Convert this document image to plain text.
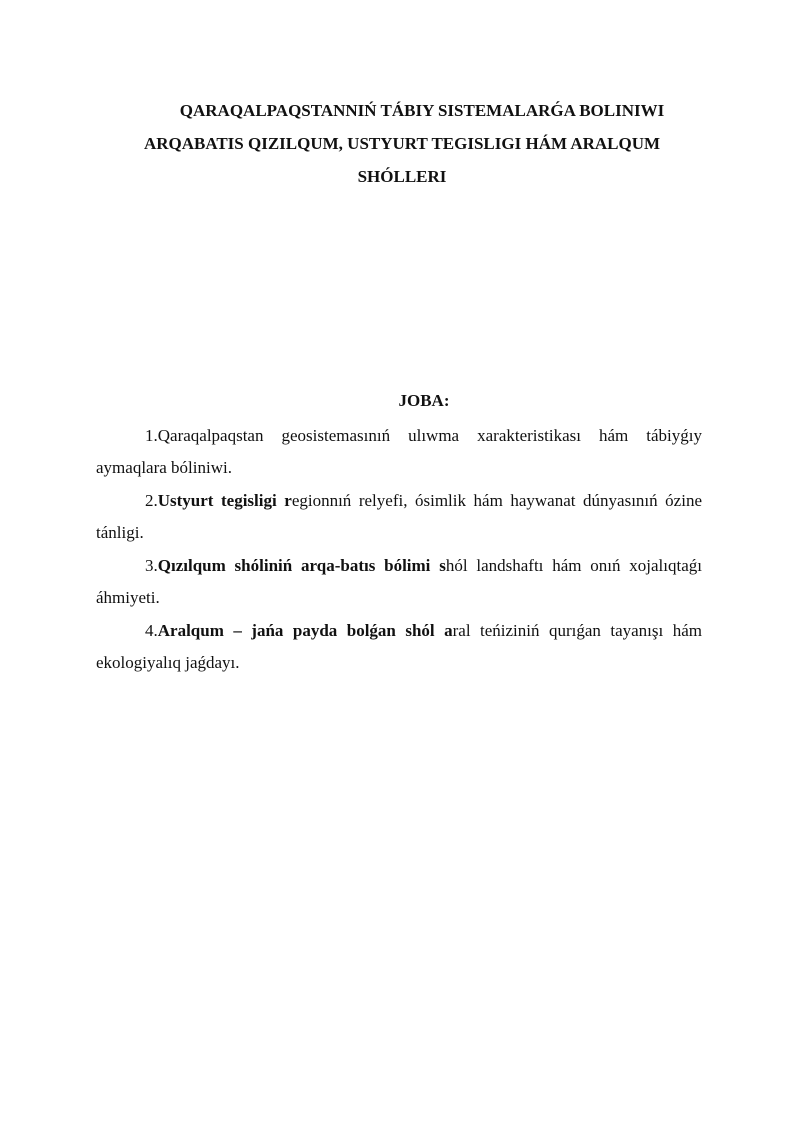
QARAQALPAQSTANNIŃ TÁBIY SISTEMALARǴA BOLINIWI
ARQABATIS QIZILQUM, USTYURT TEGISLIGI HÁM ARALQUM
SHÓLLERI
JOBA:

1.Qaraqalpaqstan geosistemasınıń ulıwma xarakteristikası hám tábiyǵıy aymaqlara bóliniwi.

2.Ustyurt tegisligi regionnıń relyefi, ósimlik hám haywanat dúnyasınıń ózine tánligi.

3.Qızılqum shóliniń arqa-batıs bólimi shól landshaftı hám onıń xojalıqtaǵı áhmiyeti.

4.Aralqum – jańa payda bolǵan shól aral teńiziniń qurıǵan tayanışı hám ekologiyalıq jaǵdayı.
